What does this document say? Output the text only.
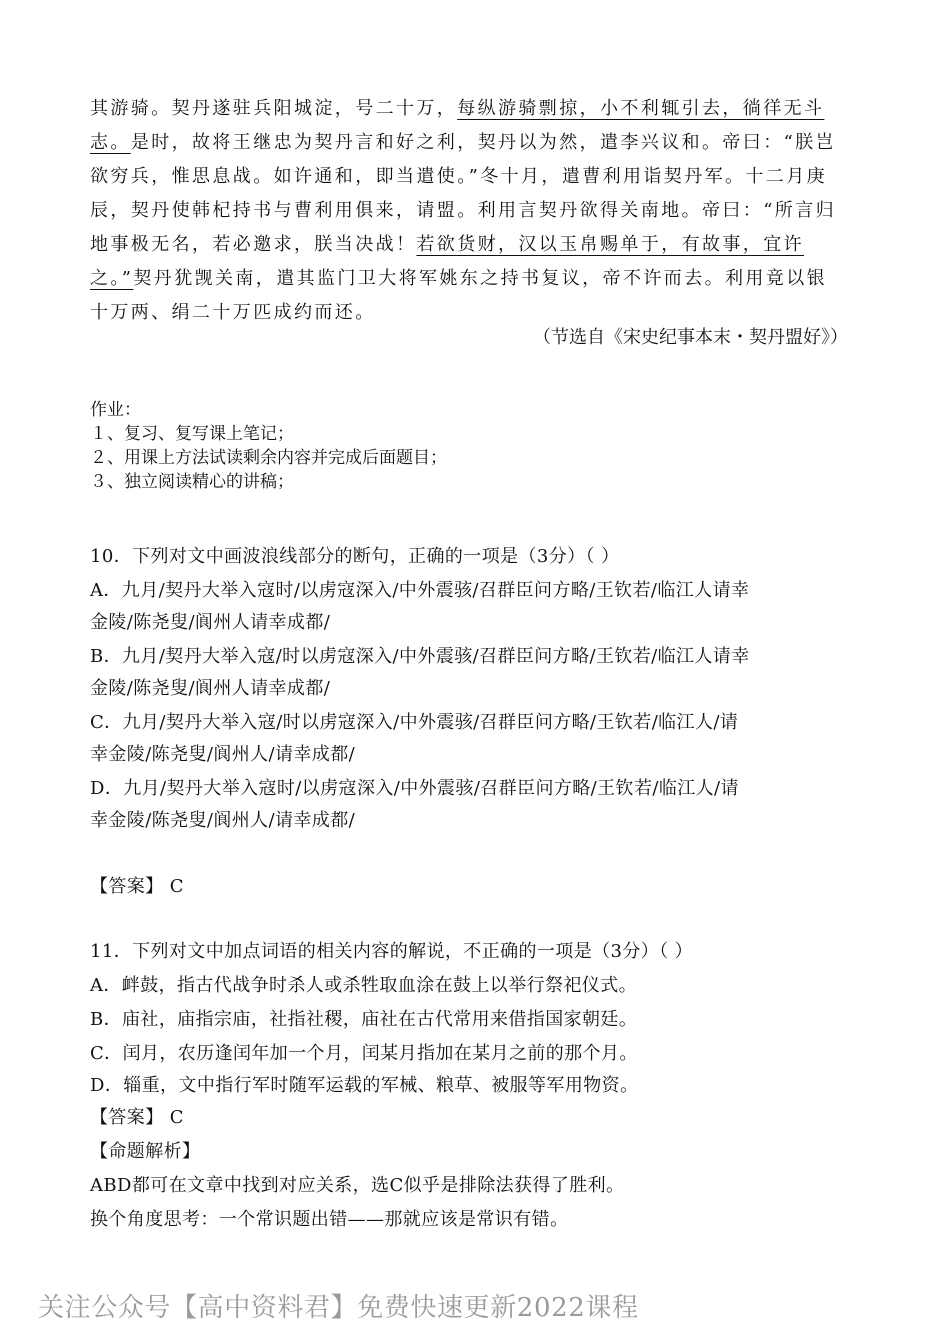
其游骑。契丹遂驻兵阳城淀，号二十万，每纵游骑剽掠，小不利辄引去，徜徉无斗
志。是时，故将王继忠为契丹言和好之利，契丹以为然，遣李兴议和。帝曰：“朕岂
欲穷兵，惟思息战。如许通和，即当遣使。”冬十月，遣曹利用诣契丹军。十二月庚
辰，契丹使韩杞持书与曹利用俱来，请盟。利用言契丹欲得关南地。帝曰：“所言归
地事极无名，若必邀求，朕当决战！若欲货财，汉以玉帛赐单于，有故事，宜许
之。”契丹犹觊关南，遣其监门卫大将军姚东之持书复议，帝不许而去。利用竟以银
十万两、绢二十万匹成约而还。
（节选自《宋史纪事本末・契丹盟好》）
作业：
１、复习、复写课上笔记；
２、用课上方法试读剩余内容并完成后面题目；
３、独立阅读精心的讲稿；
10．下列对文中画波浪线部分的断句，正确的一项是（3分）（ ）
A．九月/契丹大举入寇时/以虏寇深入/中外震骇/召群臣问方略/王钦若/临江人请幸
金陵/陈尧叟/阆州人请幸成都/
B．九月/契丹大举入寇/时以虏寇深入/中外震骇/召群臣问方略/王钦若/临江人请幸
金陵/陈尧叟/阆州人请幸成都/
C．九月/契丹大举入寇/时以虏寇深入/中外震骇/召群臣问方略/王钦若/临江人/请
幸金陵/陈尧叟/阆州人/请幸成都/
D．九月/契丹大举入寇时/以虏寇深入/中外震骇/召群臣问方略/王钦若/临江人/请
幸金陵/陈尧叟/阆州人/请幸成都/
【答案】 C
11．下列对文中加点词语的相关内容的解说，不正确的一项是（3分）（ ）
A．衅鼓，指古代战争时杀人或杀牲取血涂在鼓上以举行祭祀仪式。
B．庙社，庙指宗庙，社指社稷，庙社在古代常用来借指国家朝廷。
C．闰月，农历逢闰年加一个月，闰某月指加在某月之前的那个月。
D．辎重，文中指行军时随军运载的军械、粮草、被服等军用物资。
【答案】 C
【命题解析】
ABD都可在文章中找到对应关系，选C似乎是排除法获得了胜利。
换个角度思考：一个常识题出错——那就应该是常识有错。
关注公众号【高中资料君】免费快速更新2022课程
